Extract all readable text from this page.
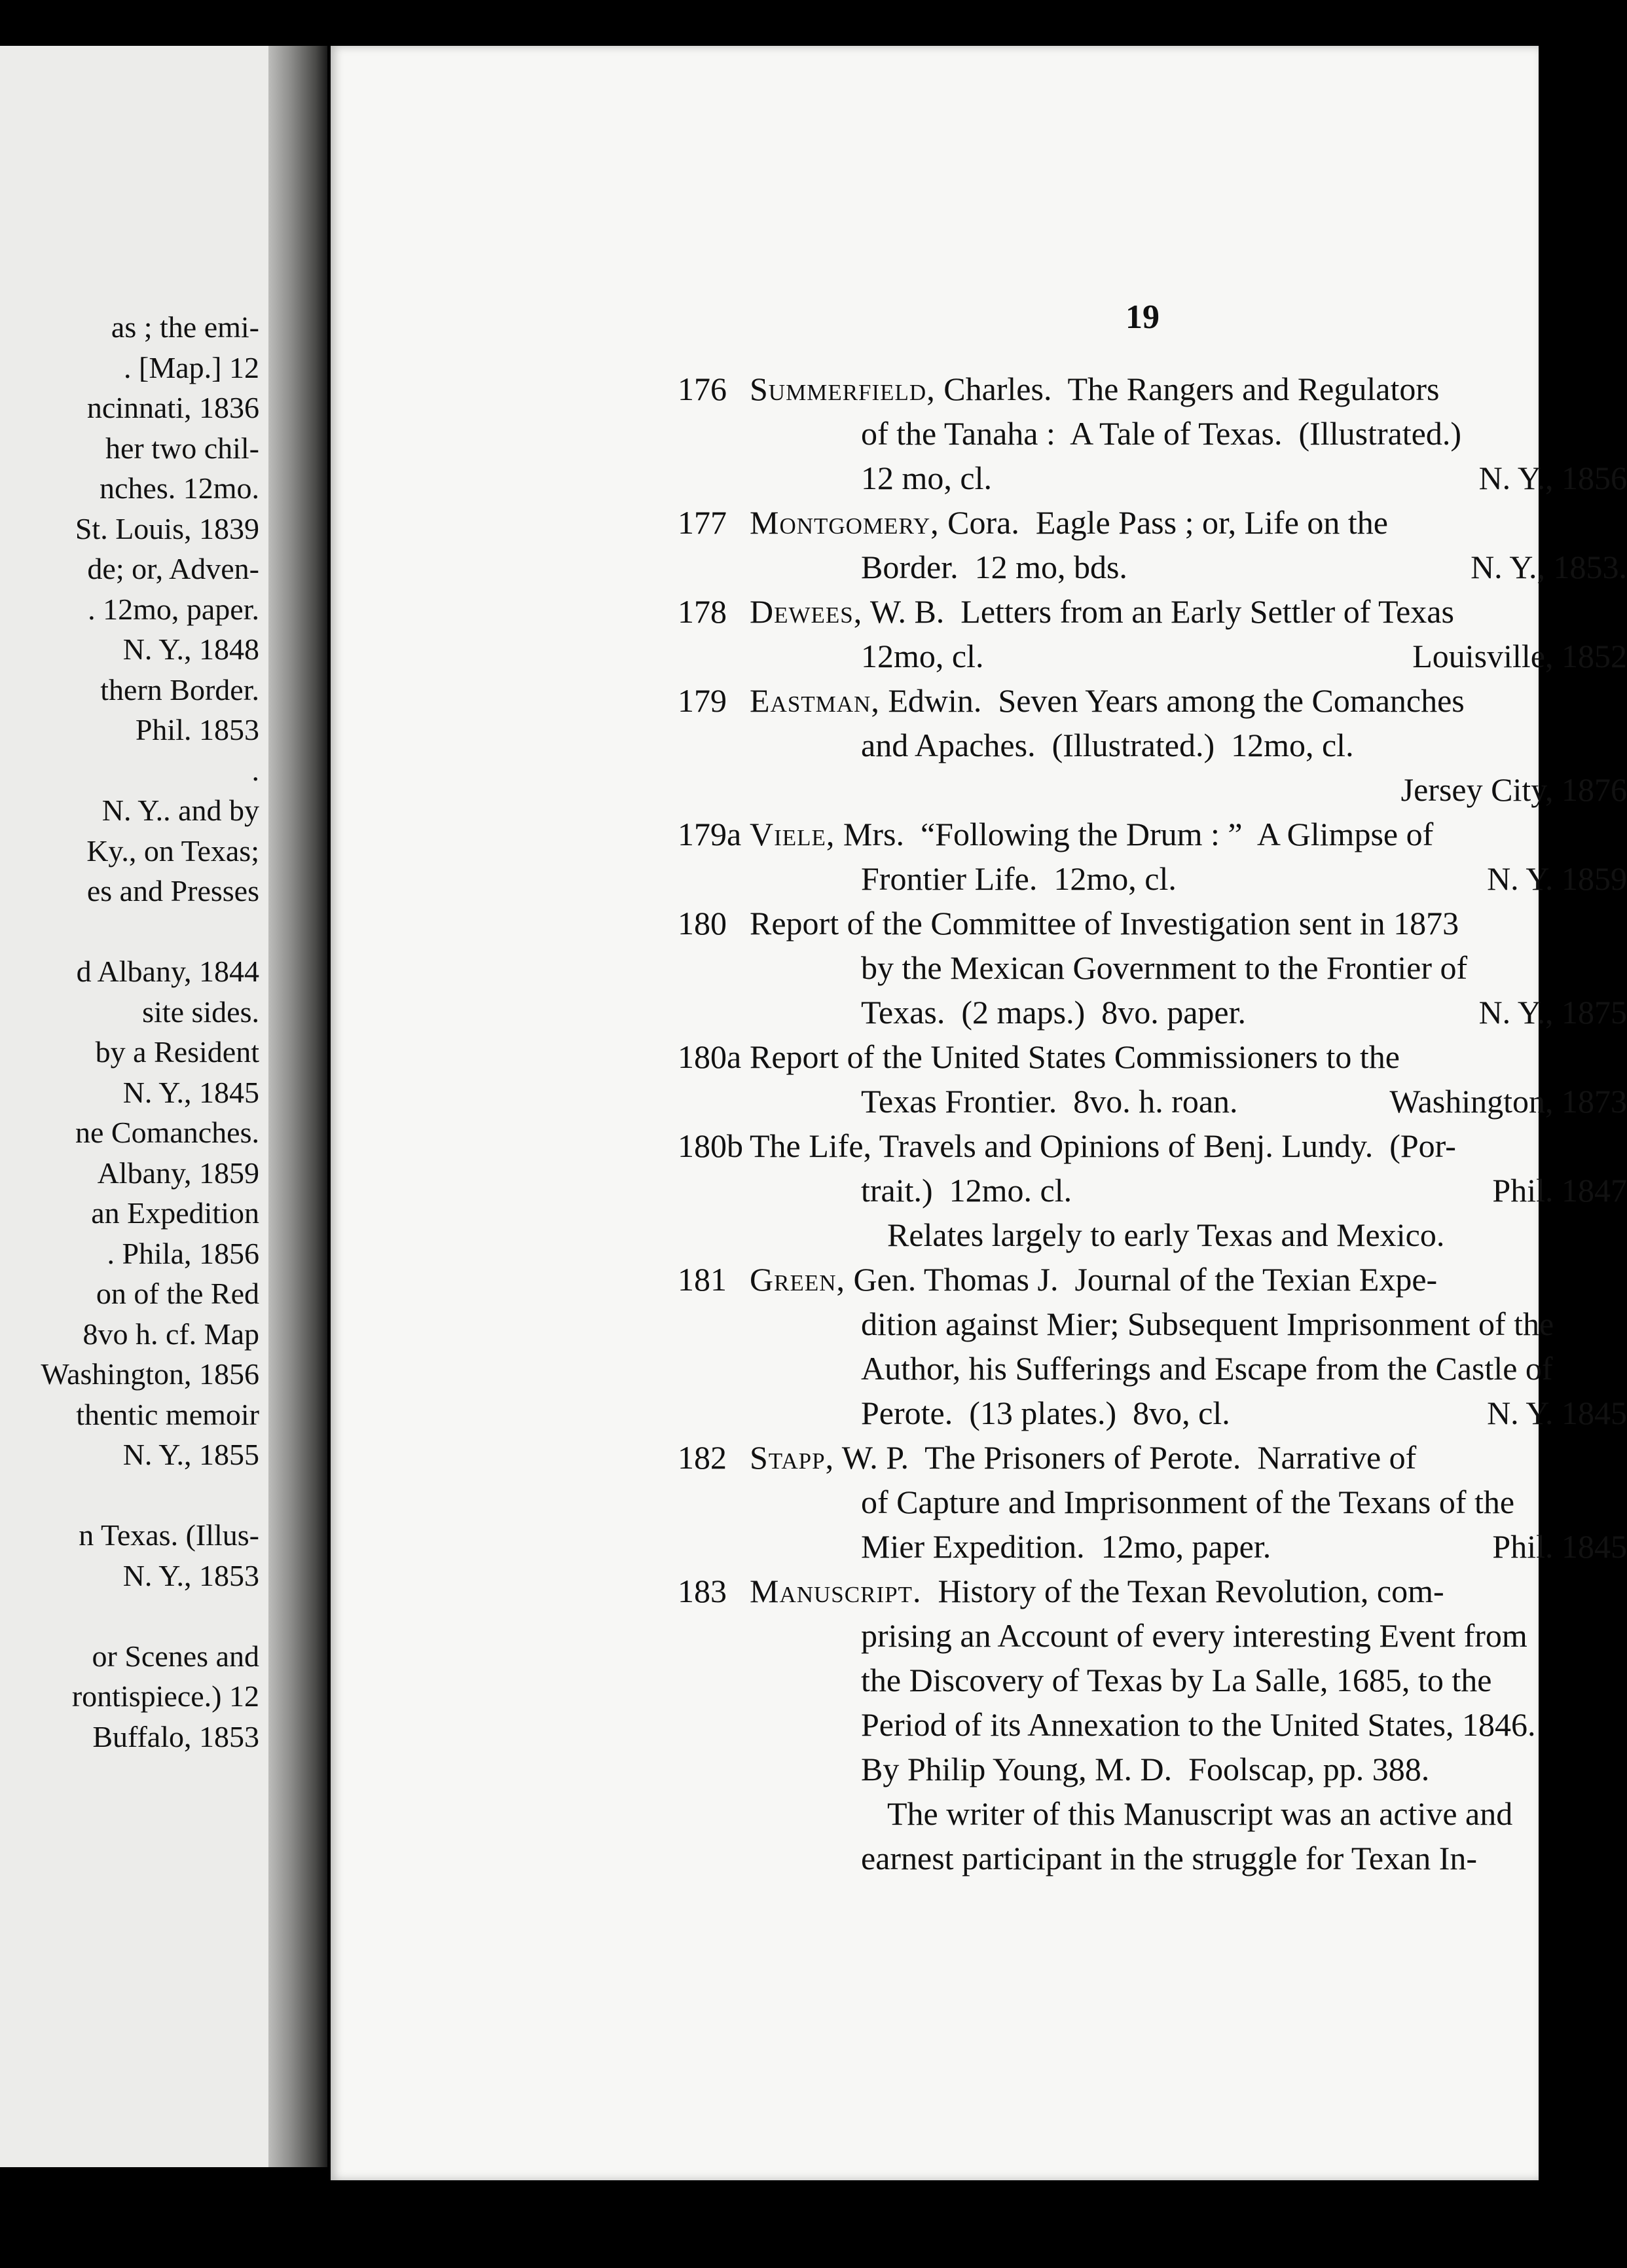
as ; the emi-
. [Map.] 12
ncinnati, 1836
her two chil-
nches. 12mo.
St. Louis, 1839
de; or, Adven-
. 12mo, paper.
N. Y., 1848
thern Border.
Phil. 1853
.
N. Y.. and by
Ky., on Texas;
es and Presses
d Albany, 1844
site sides.
by a Resident
N. Y., 1845
ne Comanches.
Albany, 1859
an Expedition
. Phila, 1856
on of the Red
8vo h. cf. Map
Washington, 1856
thentic memoir
N. Y., 1855
n Texas. (Illus-
N. Y., 1853
or Scenes and
rontispiece.) 12
Buffalo, 1853
19
176 Summerfield, Charles.  The Rangers and Regulators
of the Tanaha :  A Tale of Texas.  (Illustrated.)
12 mo, cl.	N. Y., 1856
177 Montgomery, Cora.  Eagle Pass ; or, Life on the
Border.  12 mo, bds.	N. Y., 1853.
178 Dewees, W. B.  Letters from an Early Settler of Texas
12mo, cl.	Louisville, 1852
179 Eastman, Edwin.  Seven Years among the Comanches
and Apaches.  (Illustrated.)  12mo, cl.
Jersey City, 1876
179a Viele, Mrs.  “Following the Drum : ”  A Glimpse of
Frontier Life.  12mo, cl.	N. Y. 1859
180 Report of the Committee of Investigation sent in 1873
by the Mexican Government to the Frontier of
Texas.  (2 maps.)  8vo. paper.	N. Y., 1875
180a Report of the United States Commissioners to the
Texas Frontier.  8vo. h. roan.	Washington, 1873
180b The Life, Travels and Opinions of Benj. Lundy.  (Por-
trait.)  12mo. cl.	Phil. 1847
Relates largely to early Texas and Mexico.
181 Green, Gen. Thomas J.  Journal of the Texian Expe-
dition against Mier; Subsequent Imprisonment of the
Author, his Sufferings and Escape from the Castle of
Perote.  (13 plates.)  8vo, cl.	N. Y. 1845
182 Stapp, W. P.  The Prisoners of Perote.  Narrative of
of Capture and Imprisonment of the Texans of the
Mier Expedition.  12mo, paper.	Phil. 1845
183 Manuscript.  History of the Texan Revolution, com-
prising an Account of every interesting Event from
the Discovery of Texas by La Salle, 1685, to the
Period of its Annexation to the United States, 1846.
By Philip Young, M. D.  Foolscap, pp. 388.
The writer of this Manuscript was an active and
earnest participant in the struggle for Texan In-
